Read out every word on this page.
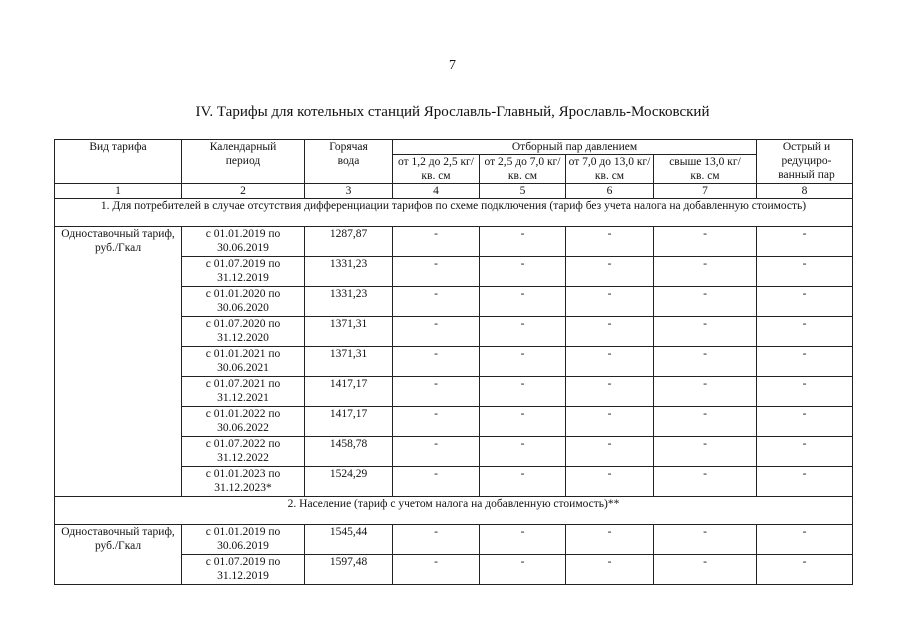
7
IV. Тарифы для котельных станций Ярославль-Главный, Ярославль-Московский
Вид тарифа	Календарный период	Горячая вода	Отборный пар давлением				Острый и редуциро- ванный пар
			от 1,2 до 2,5 кг/кв. см	от 2,5 до 7,0 кг/кв. см	от 7,0 до 13,0 кг/кв. см	свыше 13,0 кг/кв. см	
1	2	3	4	5	6	7	8
1. Для потребителей в случае отсутствия дифференциации тарифов по схеме подключения (тариф без учета налога на добавленную стоимость)							
Одноставочный тариф, руб./Гкал	с 01.01.2019 по 30.06.2019	1287,87	-	-	-	-	-
	с 01.07.2019 по 31.12.2019	1331,23	-	-	-	-	-
	с 01.01.2020 по 30.06.2020	1331,23	-	-	-	-	-
	с 01.07.2020 по 31.12.2020	1371,31	-	-	-	-	-
	с 01.01.2021 по 30.06.2021	1371,31	-	-	-	-	-
	с 01.07.2021 по 31.12.2021	1417,17	-	-	-	-	-
	с 01.01.2022 по 30.06.2022	1417,17	-	-	-	-	-
	с 01.07.2022 по 31.12.2022	1458,78	-	-	-	-	-
	с 01.01.2023 по 31.12.2023*	1524,29	-	-	-	-	-
2. Население (тариф с учетом налога на добавленную стоимость)**							
Одноставочный тариф, руб./Гкал	с 01.01.2019 по 30.06.2019	1545,44	-	-	-	-	-
	с 01.07.2019 по 31.12.2019	1597,48	-	-	-	-	-
